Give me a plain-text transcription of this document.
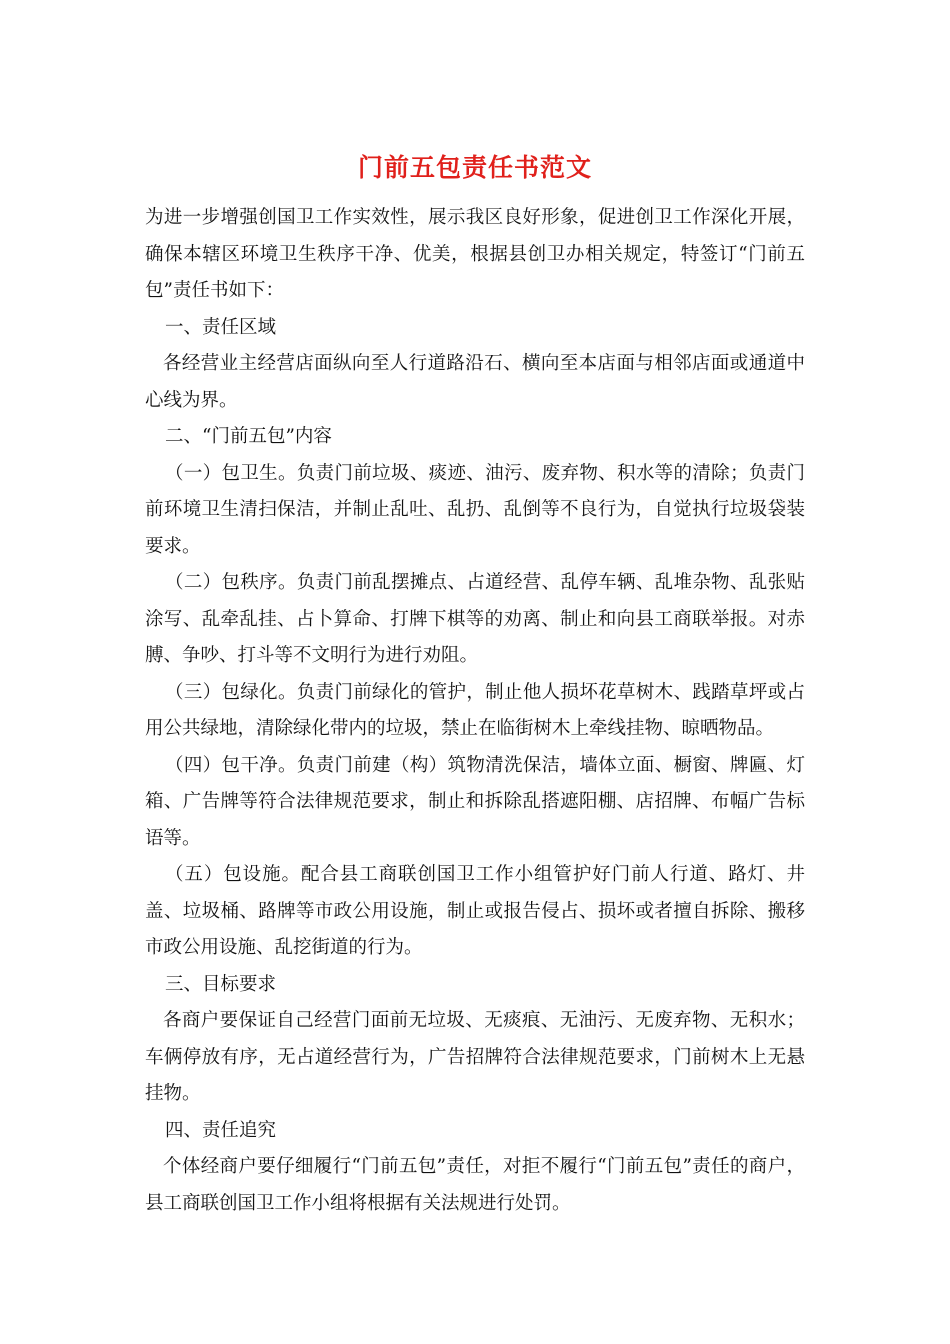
门前五包责任书范文

为进一步增强创国卫工作实效性，展示我区良好形象，促进创卫工作深化开展，确保本辖区环境卫生秩序干净、优美，根据县创卫办相关规定，特签订“门前五包”责任书如下：

一、责任区域

各经营业主经营店面纵向至人行道路沿石、横向至本店面与相邻店面或通道中心线为界。

二、“门前五包”内容

（一）包卫生。负责门前垃圾、痰迹、油污、废弃物、积水等的清除；负责门前环境卫生清扫保洁，并制止乱吐、乱扔、乱倒等不良行为，自觉执行垃圾袋装要求。

（二）包秩序。负责门前乱摆摊点、占道经营、乱停车辆、乱堆杂物、乱张贴涂写、乱牵乱挂、占卜算命、打牌下棋等的劝离、制止和向县工商联举报。对赤膊、争吵、打斗等不文明行为进行劝阻。

（三）包绿化。负责门前绿化的管护，制止他人损坏花草树木、践踏草坪或占用公共绿地，清除绿化带内的垃圾，禁止在临街树木上牵线挂物、晾晒物品。

（四）包干净。负责门前建（构）筑物清洗保洁，墙体立面、橱窗、牌匾、灯箱、广告牌等符合法律规范要求，制止和拆除乱搭遮阳棚、店招牌、布幅广告标语等。

（五）包设施。配合县工商联创国卫工作小组管护好门前人行道、路灯、井盖、垃圾桶、路牌等市政公用设施，制止或报告侵占、损坏或者擅自拆除、搬移市政公用设施、乱挖街道的行为。

三、目标要求

各商户要保证自己经营门面前无垃圾、无痰痕、无油污、无废弃物、无积水；车俩停放有序，无占道经营行为，广告招牌符合法律规范要求，门前树木上无悬挂物。

四、责任追究

个体经商户要仔细履行“门前五包”责任，对拒不履行“门前五包”责任的商户，县工商联创国卫工作小组将根据有关法规进行处罚。
